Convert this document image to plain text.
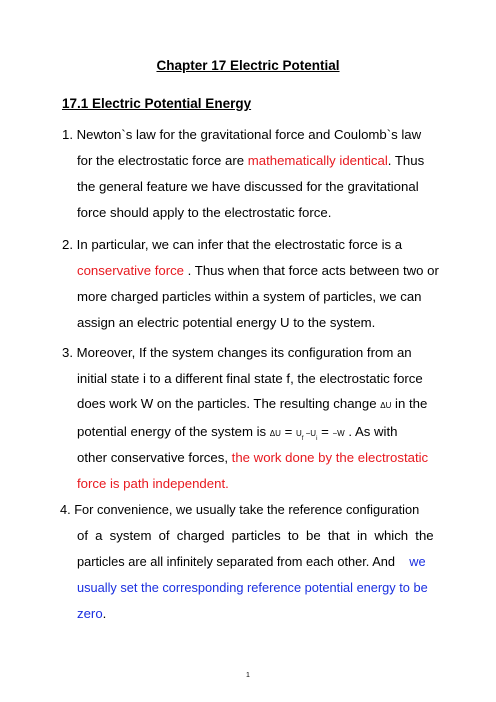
Chapter 17 Electric Potential
17.1 Electric Potential Energy
1. Newton`s law for the gravitational force and Coulomb`s law
for the electrostatic force are mathematically identical. Thus
the general feature we have discussed for the gravitational
force should apply to the electrostatic force.
2. In particular, we can infer that the electrostatic force is a
conservative force . Thus when that force acts between two or
more charged particles within a system of particles, we can
assign an electric potential energy U to the system.
3. Moreover, If the system changes its configuration from an
initial state i to a different final state f, the electrostatic force
does work W on the particles. The resulting change ΔU in the
potential energy of the system is $\Delta U = U_f -U_i = -W$ . As with
other conservative forces, the work done by the electrostatic
force is path independent.
4. For convenience, we usually take the reference configuration
of a system of charged particles to be that in which the
particles are all infinitely separated from each other. And we
usually set the corresponding reference potential energy to be
zero.
1
